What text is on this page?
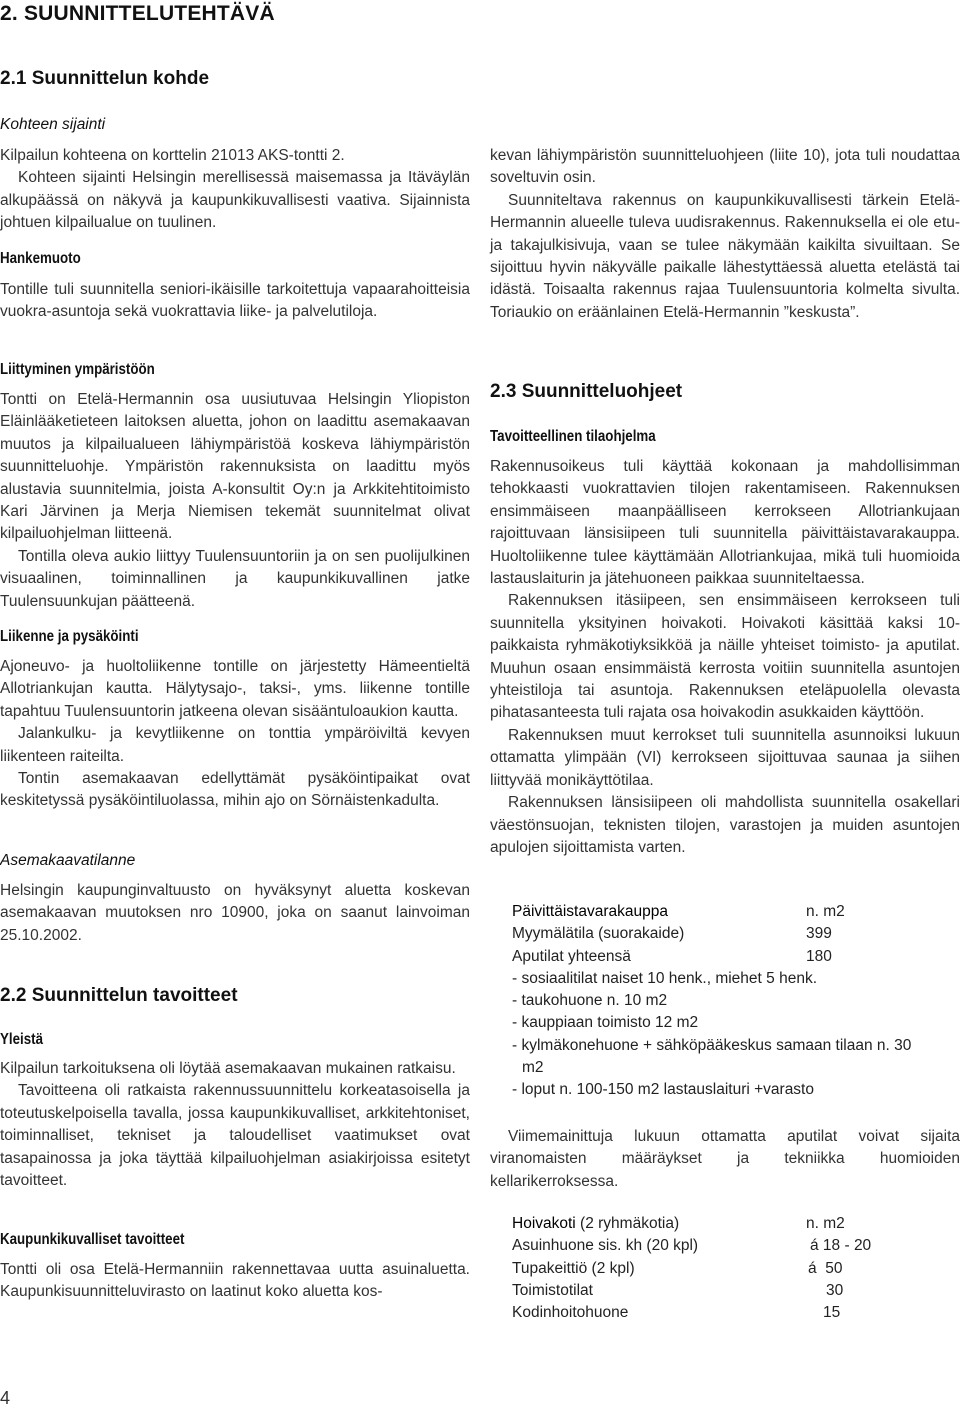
2. SUUNNITTELUTEHTÄVÄ
2.1 Suunnittelun kohde
Kohteen sijainti

Kilpailun kohteena on korttelin 21013 AKS-tontti 2.

Kohteen sijainti Helsingin merellisessä maisemassa ja Itäväylän alkupäässä on näkyvä ja kaupunkikuvallisesti vaativa. Sijainnista johtuen kilpailualue on tuulinen.

Hankemuoto

Tontille tuli suunnitella seniori-ikäisille tarkoitettuja vapaarahoitteisia vuokra-asuntoja sekä vuokrattavia liike- ja palvelutiloja.

Liittyminen ympäristöön

Tontti on Etelä-Hermannin osa uusiutuvaa Helsingin Yliopiston Eläinlääketieteen laitoksen aluetta, johon on laadittu asemakaavan muutos ja kilpailualueen lähiympäristöä koskeva lähiympäristön suunnitteluohje. Ympäristön rakennuksista on laadittu myös alustavia suunnitelmia, joista A-konsultit Oy:n ja Arkkitehtitoimisto Kari Järvinen ja Merja Niemisen tekemät suunnitelmat olivat kilpailuohjelman liitteenä.

Tontilla oleva aukio liittyy Tuulensuuntoriin ja on sen puolijulkinen visuaalinen, toiminnallinen ja kaupunkikuvallinen jatke Tuulensuunkujan päätteenä.

Liikenne ja pysäköinti

Ajoneuvo- ja huoltoliikenne tontille on järjestetty Hämeentieltä Allotriankujan kautta. Hälytysajo-, taksi-, yms. liikenne tontille tapahtuu Tuulensuuntorin jatkeena olevan sisääntuloaukion kautta.

Jalankulku- ja kevytliikenne on tonttia ympäröiviltä kevyen liikenteen raiteilta.

Tontin asemakaavan edellyttämät pysäköintipaikat ovat keskitetyssä pysäköintiluolassa, mihin ajo on Sörnäistenkadulta.

Asemakaavatilanne

Helsingin kaupunginvaltuusto on hyväksynyt aluetta koskevan asemakaavan muutoksen nro 10900, joka on saanut lainvoiman 25.10.2002.

2.2 Suunnittelun tavoitteet
Yleistä

Kilpailun tarkoituksena oli löytää asemakaavan mukainen ratkaisu.

Tavoitteena oli ratkaista rakennussuunnittelu korkeatasoisella ja toteutuskelpoisella tavalla, jossa kaupunkikuvalliset, arkkitehtoniset, toiminnalliset, tekniset ja taloudelliset vaatimukset ovat tasapainossa ja joka täyttää kilpailuohjelman asiakirjoissa esitetyt tavoitteet.

Kaupunkikuvalliset tavoitteet

Tontti oli osa Etelä-Hermanniin rakennettavaa uutta asuinaluetta. Kaupunkisuunnitteluvirasto on laatinut koko aluetta kos-

4

kevan lähiympäristön suunnitteluohjeen (liite 10), jota tuli noudattaa soveltuvin osin.

Suunniteltava rakennus on kaupunkikuvallisesti tärkein Etelä-Hermannin alueelle tuleva uudisrakennus. Rakennuksella ei ole etu- ja takajulkisivuja, vaan se tulee näkymään kaikilta sivuiltaan. Se sijoittuu hyvin näkyvälle paikalle lähestyttäessä aluetta etelästä tai idästä. Toisaalta rakennus rajaa Tuulensuuntoria kolmelta sivulta. Toriaukio on eräänlainen Etelä-Hermannin ”keskusta”.

2.3 Suunnitteluohjeet
Tavoitteellinen tilaohjelma

Rakennusoikeus tuli käyttää kokonaan ja mahdollisimman tehokkaasti vuokrattavien tilojen rakentamiseen. Rakennuksen ensimmäiseen maanpäälliseen kerrokseen Allotriankujaan rajoittuvaan länsisiipeen tuli suunnitella päivittäistavarakauppa. Huoltoliikenne tulee käyttämään Allotriankujaa, mikä tuli huomioida lastauslaiturin ja jätehuoneen paikkaa suunniteltaessa.

Rakennuksen itäsiipeen, sen ensimmäiseen kerrokseen tuli suunnitella yksityinen hoivakoti. Hoivakoti käsittää kaksi 10-paikkaista ryhmäkotiyksikköä ja näille yhteiset toimisto- ja aputilat. Muuhun osaan ensimmäistä kerrosta voitiin suunnitella asuntojen yhteistiloja tai asuntoja. Rakennuksen eteläpuolella olevasta pihatasanteesta tuli rajata osa hoivakodin asukkaiden käyttöön.

Rakennuksen muut kerrokset tuli suunnitella asunnoiksi lukuun ottamatta ylimpään (VI) kerrokseen sijoittuvaa saunaa ja siihen liittyvää monikäyttötilaa.

Rakennuksen länsisiipeen oli mahdollista suunnitella osakellari väestönsuojan, teknisten tilojen, varastojen ja muiden asuntojen apulojen sijoittamista varten.

Päivittäistavarakauppa	n. m2
Myymälätila (suorakaide)	399
Aputilat yhteensä	180
- sosiaalitilat naiset 10 henk., miehet 5 henk.
- taukohuone n. 10 m2
- kauppiaan toimisto 12 m2
- kylmäkonehuone + sähköpääkeskus samaan tilaan n. 30
m2
- loput n. 100-150 m2 lastauslaituri +varasto

Viimemainittuja lukuun ottamatta aputilat voivat sijaita viranomaisten määräykset ja tekniikka huomioiden kellarikerroksessa.

Hoivakoti (2 ryhmäkotia)	n. m2
Asuinhuone sis. kh (20 kpl)	á 18 - 20
Tupakeittiö (2 kpl)	á  50
Toimistotilat	30
Kodinhoitohuone	15
